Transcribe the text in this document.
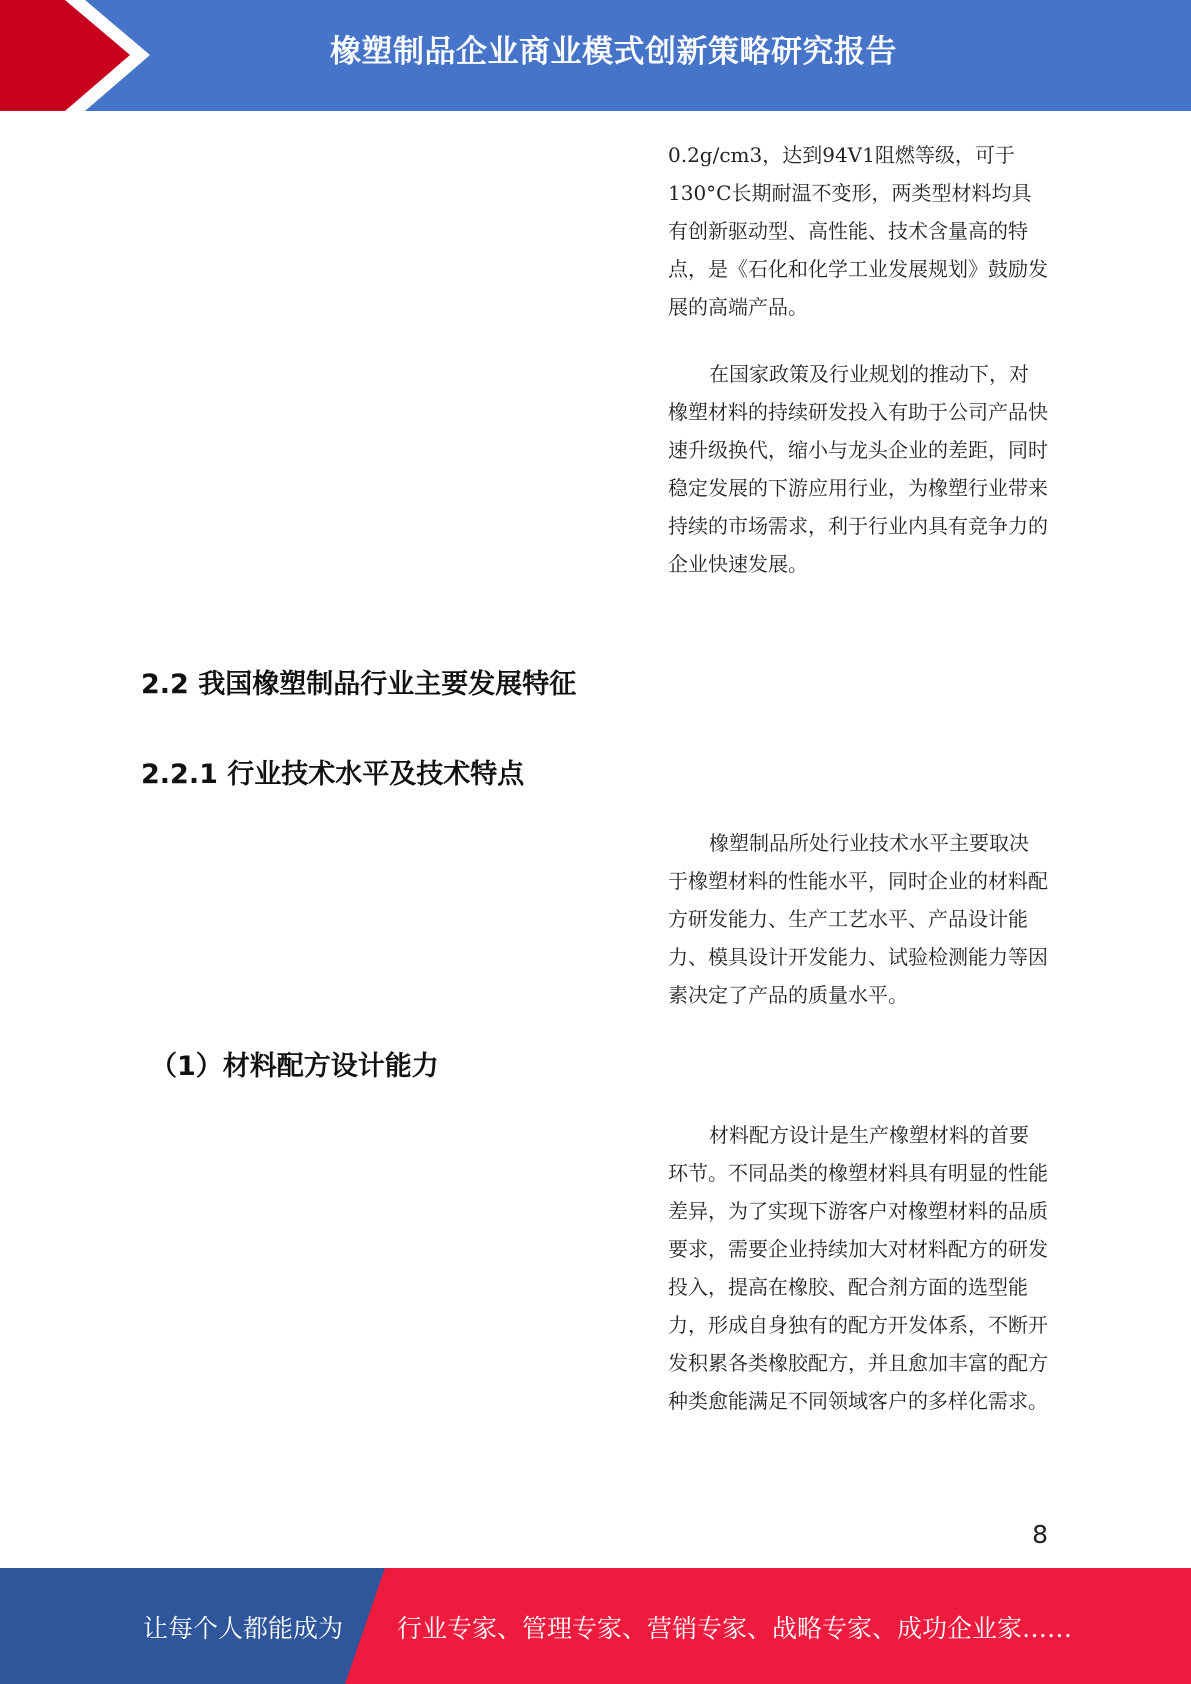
橡塑制品企业商业模式创新策略研究报告

0.2g/cm3，达到94V1阻燃等级，可于130°C长期耐温不变形，两类型材料均具有创新驱动型、高性能、技术含量高的特点，是《石化和化学工业发展规划》鼓励发展的高端产品。

在国家政策及行业规划的推动下，对橡塑材料的持续研发投入有助于公司产品快速升级换代，缩小与龙头企业的差距，同时稳定发展的下游应用行业，为橡塑行业带来持续的市场需求，利于行业内具有竞争力的企业快速发展。

2.2 我国橡塑制品行业主要发展特征
2.2.1 行业技术水平及技术特点

橡塑制品所处行业技术水平主要取决于橡塑材料的性能水平，同时企业的材料配方研发能力、生产工艺水平、产品设计能力、模具设计开发能力、试验检测能力等因素决定了产品的质量水平。

（1）材料配方设计能力

材料配方设计是生产橡塑材料的首要环节。不同品类的橡塑材料具有明显的性能差异，为了实现下游客户对橡塑材料的品质要求，需要企业持续加大对材料配方的研发投入，提高在橡胶、配合剂方面的选型能力，形成自身独有的配方开发体系，不断开发积累各类橡胶配方，并且愈加丰富的配方种类愈能满足不同领域客户的多样化需求。

8
让每个人都能成为 行业专家、管理专家、营销专家、战略专家、成功企业家……
